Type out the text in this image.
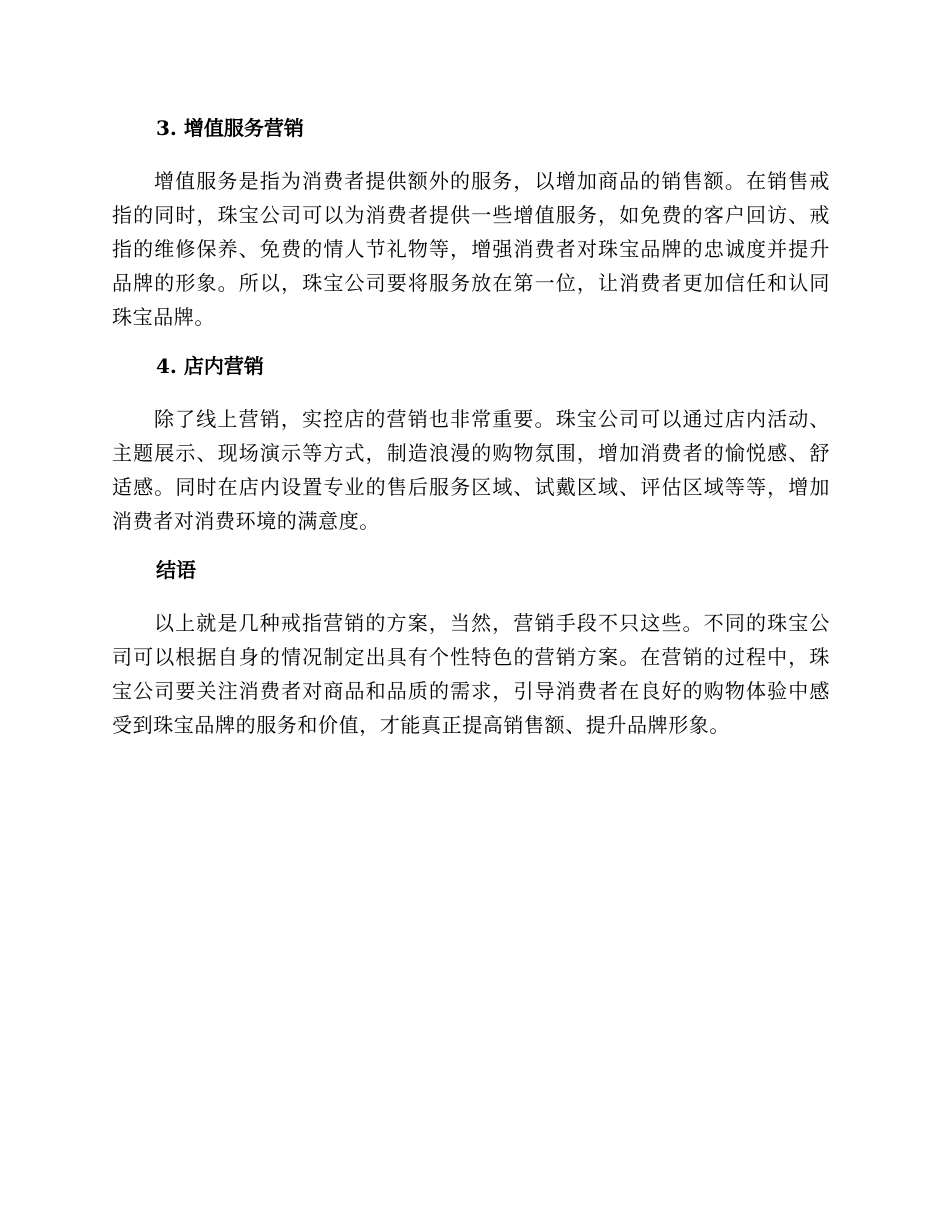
3. 增值服务营销

增值服务是指为消费者提供额外的服务，以增加商品的销售额。在销售戒指的同时，珠宝公司可以为消费者提供一些增值服务，如免费的客户回访、戒指的维修保养、免费的情人节礼物等，增强消费者对珠宝品牌的忠诚度并提升品牌的形象。所以，珠宝公司要将服务放在第一位，让消费者更加信任和认同珠宝品牌。

4. 店内营销

除了线上营销，实控店的营销也非常重要。珠宝公司可以通过店内活动、主题展示、现场演示等方式，制造浪漫的购物氛围，增加消费者的愉悦感、舒适感。同时在店内设置专业的售后服务区域、试戴区域、评估区域等等，增加消费者对消费环境的满意度。

结语

以上就是几种戒指营销的方案，当然，营销手段不只这些。不同的珠宝公司可以根据自身的情况制定出具有个性特色的营销方案。在营销的过程中，珠宝公司要关注消费者对商品和品质的需求，引导消费者在良好的购物体验中感受到珠宝品牌的服务和价值，才能真正提高销售额、提升品牌形象。
